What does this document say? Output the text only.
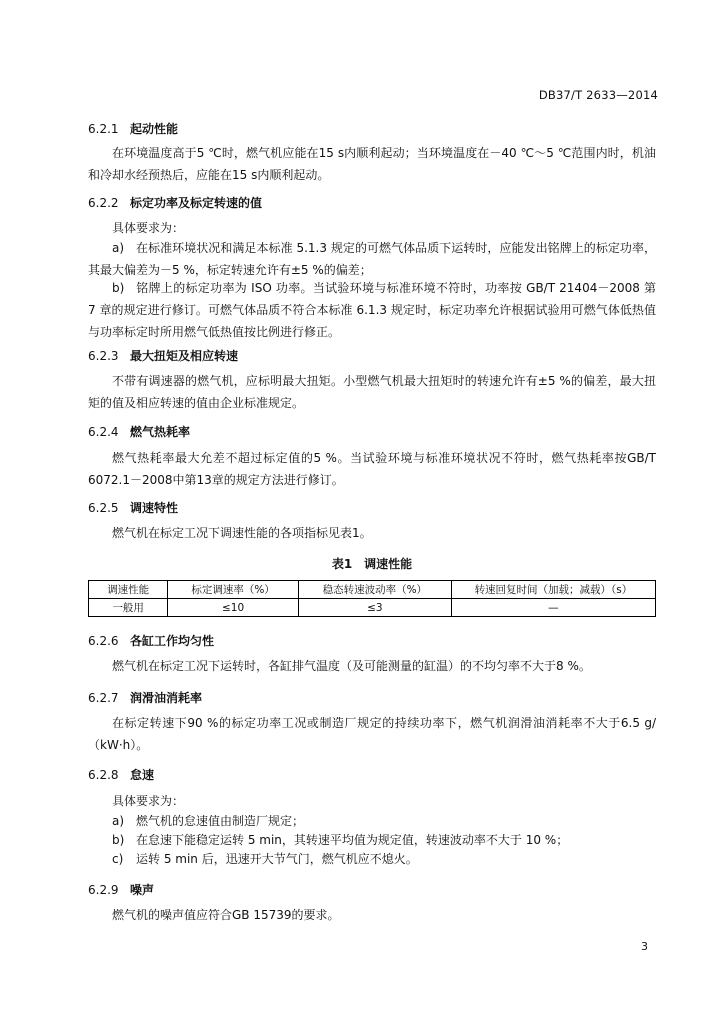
DB37/T 2633—2014
6.2.1 起动性能
在环境温度高于5 ℃时，燃气机应能在15 s内顺利起动；当环境温度在－40 ℃～5 ℃范围内时，机油和冷却水经预热后，应能在15 s内顺利起动。
6.2.2 标定功率及标定转速的值
具体要求为：
a) 在标准环境状况和满足本标准 5.1.3 规定的可燃气体品质下运转时，应能发出铭牌上的标定功率，其最大偏差为－5 %，标定转速允许有±5 %的偏差；
b) 铭牌上的标定功率为 ISO 功率。当试验环境与标准环境不符时，功率按 GB/T 21404－2008 第 7 章的规定进行修订。可燃气体品质不符合本标准 6.1.3 规定时，标定功率允许根据试验用可燃气体低热值与功率标定时所用燃气低热值按比例进行修正。
6.2.3 最大扭矩及相应转速
不带有调速器的燃气机，应标明最大扭矩。小型燃气机最大扭矩时的转速允许有±5 %的偏差，最大扭矩的值及相应转速的值由企业标准规定。
6.2.4 燃气热耗率
燃气热耗率最大允差不超过标定值的5 %。当试验环境与标准环境状况不符时，燃气热耗率按GB/T 6072.1－2008中第13章的规定方法进行修订。
6.2.5 调速特性
燃气机在标定工况下调速性能的各项指标见表1。
表1　调速性能
调速性能	标定调速率（%）	稳态转速波动率（%）	转速回复时间（加载；减载）（s）
一般用	≤10	≤3	—
6.2.6 各缸工作均匀性
燃气机在标定工况下运转时，各缸排气温度（及可能测量的缸温）的不均匀率不大于8 %。
6.2.7 润滑油消耗率
在标定转速下90 %的标定功率工况或制造厂规定的持续功率下，燃气机润滑油消耗率不大于6.5 g/（kW·h）。
6.2.8 怠速
具体要求为：
a) 燃气机的怠速值由制造厂规定；
b) 在怠速下能稳定运转 5 min，其转速平均值为规定值，转速波动率不大于 10 %；
c) 运转 5 min 后，迅速开大节气门，燃气机应不熄火。
6.2.9 噪声
燃气机的噪声值应符合GB 15739的要求。
3
